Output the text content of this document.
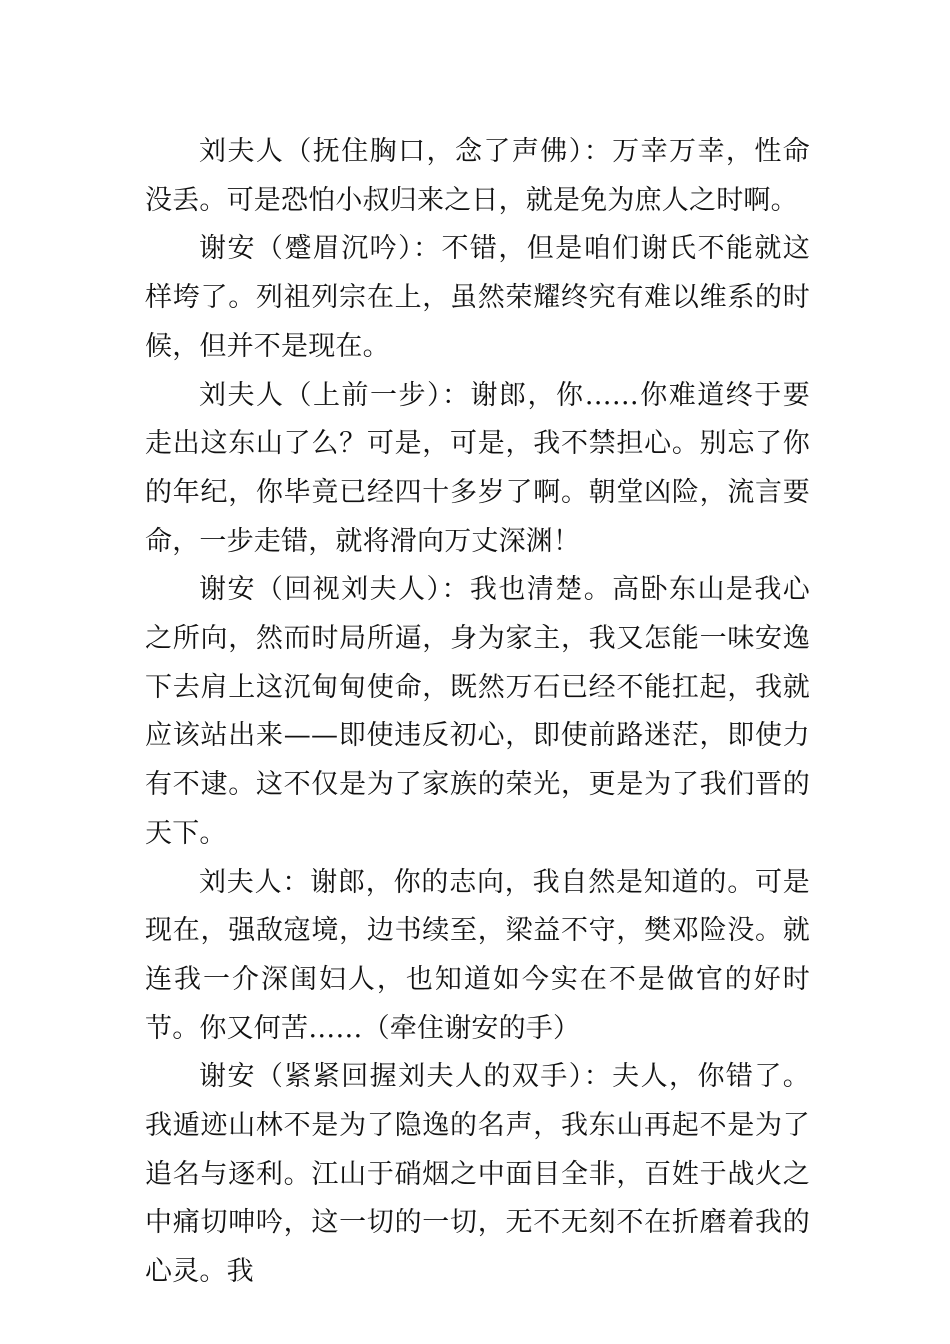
刘夫人（抚住胸口，念了声佛）：万幸万幸，性命没丢。可是恐怕小叔归来之日，就是免为庶人之时啊。

谢安（蹙眉沉吟）：不错，但是咱们谢氏不能就这样垮了。列祖列宗在上，虽然荣耀终究有难以维系的时候，但并不是现在。

刘夫人（上前一步）：谢郎，你……你难道终于要走出这东山了么？可是，可是，我不禁担心。别忘了你的年纪，你毕竟已经四十多岁了啊。朝堂凶险，流言要命，一步走错，就将滑向万丈深渊！

谢安（回视刘夫人）：我也清楚。高卧东山是我心之所向，然而时局所逼，身为家主，我又怎能一味安逸下去肩上这沉甸甸使命，既然万石已经不能扛起，我就应该站出来——即使违反初心，即使前路迷茫，即使力有不逮。这不仅是为了家族的荣光，更是为了我们晋的天下。

刘夫人：谢郎，你的志向，我自然是知道的。可是现在，强敌寇境，边书续至，梁益不守，樊邓险没。就连我一介深闺妇人，也知道如今实在不是做官的好时节。你又何苦……（牵住谢安的手）

谢安（紧紧回握刘夫人的双手）：夫人，你错了。我遁迹山林不是为了隐逸的名声，我东山再起不是为了追名与逐利。江山于硝烟之中面目全非，百姓于战火之中痛切呻吟，这一切的一切，无不无刻不在折磨着我的心灵。我
